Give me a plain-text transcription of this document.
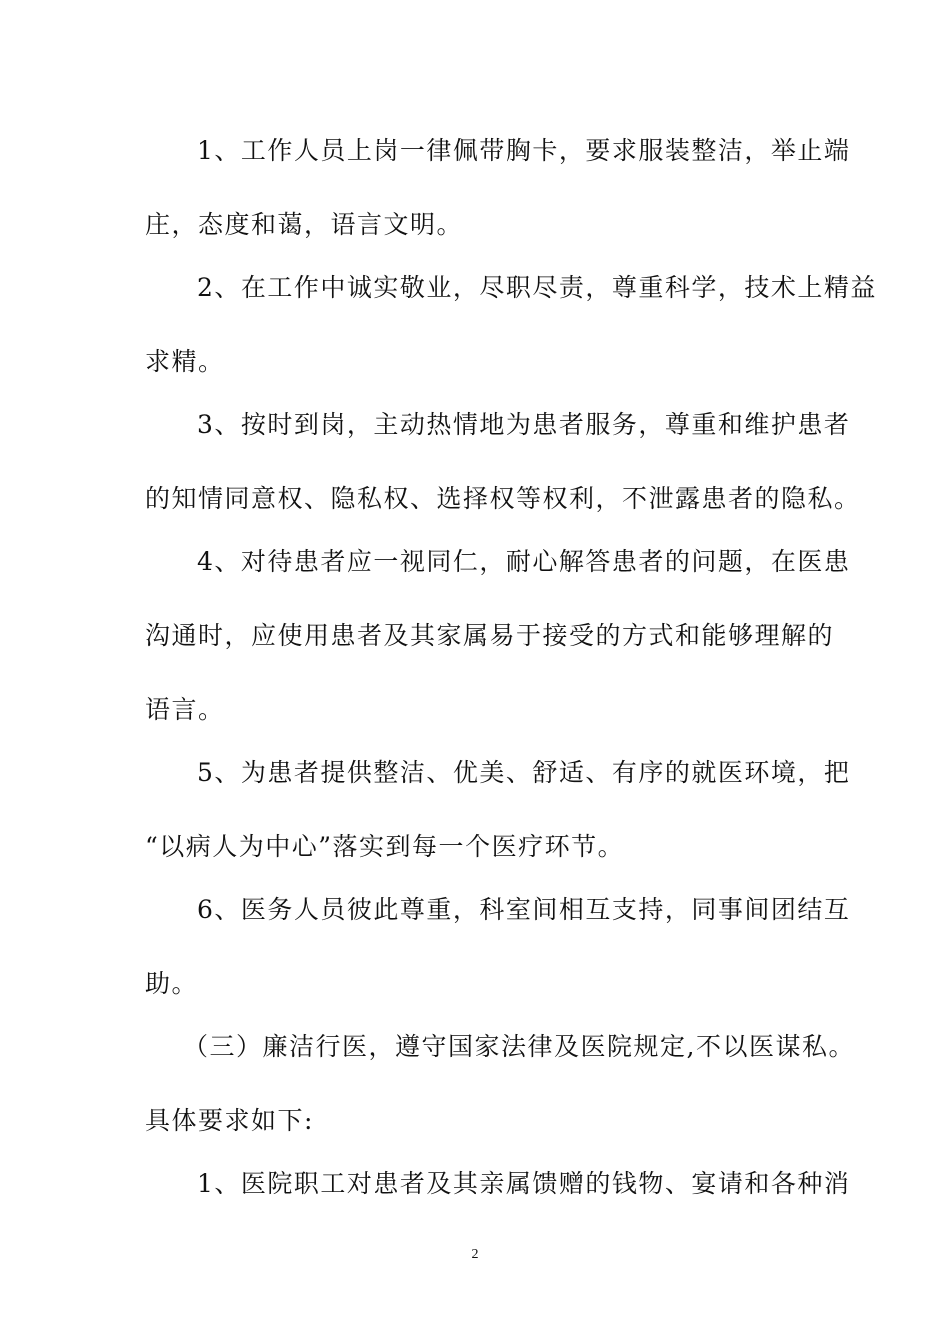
1、工作人员上岗一律佩带胸卡，要求服装整洁，举止端
庄，态度和蔼，语言文明。
2、在工作中诚实敬业，尽职尽责，尊重科学，技术上精益
求精。
3、按时到岗，主动热情地为患者服务，尊重和维护患者
的知情同意权、隐私权、选择权等权利，不泄露患者的隐私。
4、对待患者应一视同仁，耐心解答患者的问题，在医患
沟通时，应使用患者及其家属易于接受的方式和能够理解的
语言。
5、为患者提供整洁、优美、舒适、有序的就医环境，把
“以病人为中心”落实到每一个医疗环节。
6、医务人员彼此尊重，科室间相互支持，同事间团结互
助。
（三）廉洁行医，遵守国家法律及医院规定,不以医谋私。
具体要求如下:
1、医院职工对患者及其亲属馈赠的钱物、宴请和各种消
2
